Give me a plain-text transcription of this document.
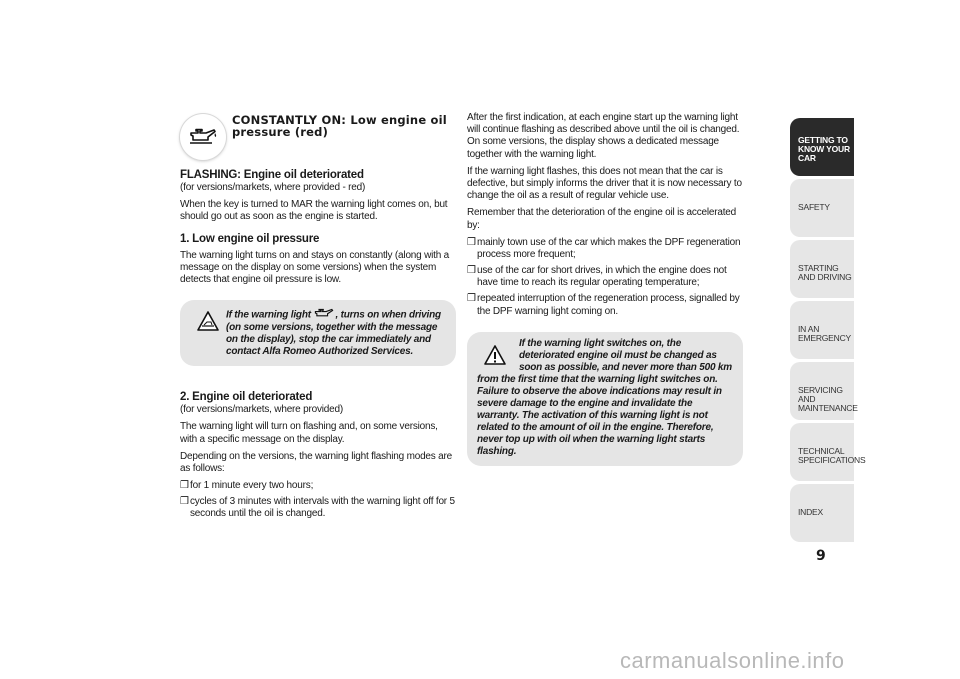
CONSTANTLY ON: Low engine oil pressure (red)

FLASHING: Engine oil deteriorated

(for versions/markets, where provided - red)

When the key is turned to MAR the warning light comes on, but should go out as soon as the engine is started.

1. Low engine oil pressure

The warning light turns on and stays on constantly (along with a message on the display on some versions) when the system detects that engine oil pressure is low.

If the warning light , turns on when driving (on some versions, together with the message on the display), stop the car immediately and contact Alfa Romeo Authorized Services.

2. Engine oil deteriorated

(for versions/markets, where provided)

The warning light will turn on flashing and, on some versions, with a specific message on the display.

Depending on the versions, the warning light flashing modes are as follows:

❒ for 1 minute every two hours;
❒ cycles of 3 minutes with intervals with the warning light off for 5 seconds until the oil is changed.

After the first indication, at each engine start up the warning light will continue flashing as described above until the oil is changed. On some versions, the display shows a dedicated message together with the warning light.

If the warning light flashes, this does not mean that the car is defective, but simply informs the driver that it is now necessary to change the oil as a result of regular vehicle use.

Remember that the deterioration of the engine oil is accelerated by:

❒ mainly town use of the car which makes the DPF regeneration process more frequent;
❒ use of the car for short drives, in which the engine does not have time to reach its regular operating temperature;
❒ repeated interruption of the regeneration process, signalled by the DPF warning light coming on.
If the warning light switches on, the deteriorated engine oil must be changed as soon as possible, and never more than 500 km from the first time that the warning light switches on. Failure to observe the above indications may result in severe damage to the engine and invalidate the warranty. The activation of this warning light is not related to the amount of oil in the engine. Therefore, never top up with oil when the warning light starts flashing.
GETTING TO KNOW YOUR CAR
SAFETY
STARTING AND DRIVING
IN AN EMERGENCY
SERVICING AND MAINTENANCE
TECHNICAL SPECIFICATIONS
INDEX
9
carmanualsonline.info
